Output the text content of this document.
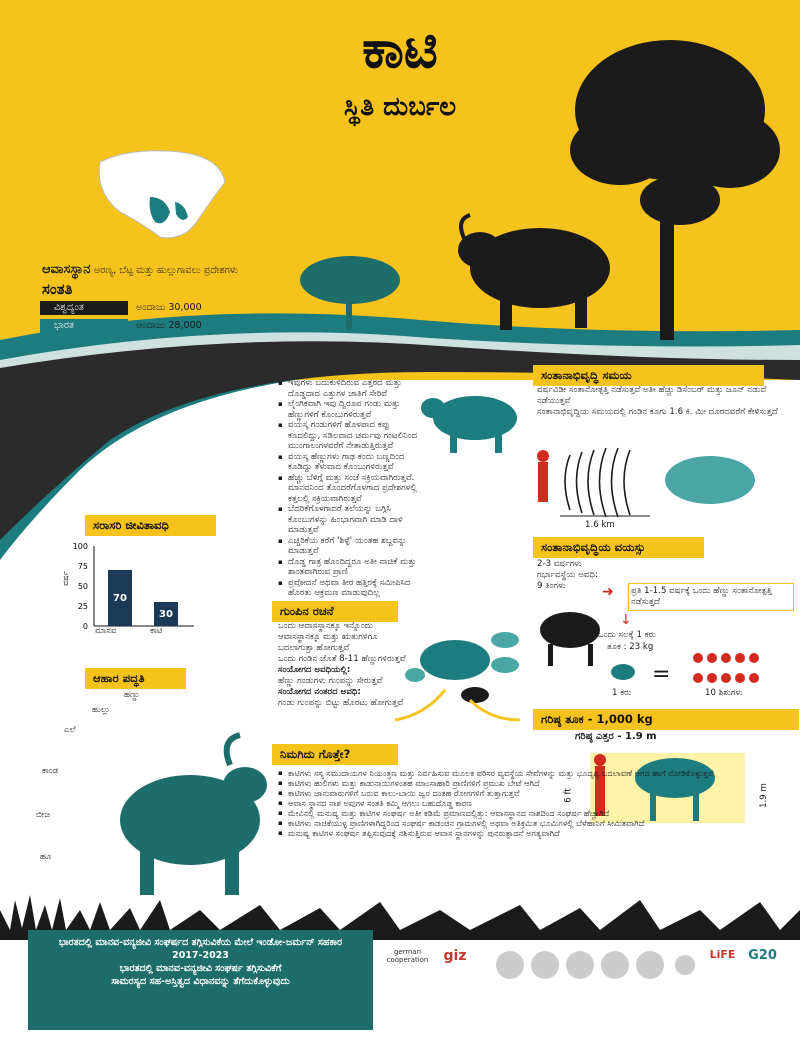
ಕಾಟಿ
ಸ್ಥಿತಿ ದುರ್ಬಲ
ಆವಾಸಸ್ಥಾನ ಅರಣ್ಯ, ಬೆಟ್ಟ ಮತ್ತು ಹುಲ್ಲುಗಾವಲು ಪ್ರದೇಶಗಳು
ಸಂತತಿ
ವಿಶ್ವದ್ಯಂತ	ಅಂದಾಜು 30,000
ಭಾರತ	ಅಂದಾಜು 28,000
▪ ಇವುಗಳು ಬದುಕುಳಿದಿರುವ ಎತ್ತರದ ಮತ್ತು ದೊಡ್ಡದಾದ ಎತ್ತುಗಳ ಜಾತಿಗೆ ಸೇರಿವೆ
▪ ಲೈಂಗಿಕವಾಗಿ ಇವು ದ್ವಿರೂಪ ಗಂಡು ಮತ್ತು ಹೆಣ್ಣುಗಳಿಗೆ ಕೊಂಬುಗಳಿರುತ್ತವೆ
▪ ವಯಸ್ಕ ಗಂಡುಗಳಿಗೆ ಹೊಳಪಾದ ಕಪ್ಪು ಕೂದಲಿದ್ದು, ಸಡಿಲವಾದ ಚರ್ಮವು ಗಂಟಲಿನಿಂದ ಮುಂಗಾಲುಗಳವರೆಗೆ ನೇತಾಡುತ್ತಿರುತ್ತವೆ
▪ ವಯಸ್ಕ ಹೆಣ್ಣುಗಳು ಗಾಢ ಕಂದು ಬಣ್ಣದಿಂದ ಕೂಡಿದ್ದು ತೆಳುವಾದ ಕೊಂಬುಗಳಿರುತ್ತವೆ
▪ ಹೆಚ್ಚು ಬೆಳಿಗ್ಗೆ ಮತ್ತು ಸಂಜೆ ಸಕ್ರಿಯವಾಗಿರುತ್ತವೆ. ಮಾನವನಿಂದ ತೊಂದರೆಗೊಳಗಾದ ಪ್ರದೇಶಗಳಲ್ಲಿ ಕತ್ತಲಲ್ಲಿ ಸಕ್ರಿಯವಾಗಿರುತ್ತವೆ
▪ ಬೆದರಿಕೆಗೊಳಗಾದರೆ ತಲೆಯನ್ನು ಬಗ್ಗಿಸಿ ಕೊಂಬುಗಳನ್ನು ಹಿಂಭಾಗವಾಗಿ ಮಾಡಿ ದಾಳಿ ಮಾಡುತ್ತವೆ
▪ ಎಚ್ಚರಿಕೆಯ ಕರೆಗೆ 'ಶಿಳ್ಳೆ' ಯಂತಹ ಶಬ್ದವನ್ನು ಮಾಡುತ್ತವೆ
▪ ದೊಡ್ಡ ಗಾತ್ರ ಹೊಂದಿದ್ದರೂ ಅತೀ ನಾಚಿಕೆ ಮತ್ತು ಶಾಂತವಾಗಿರುವ ಪ್ರಾಣಿ
▪ ಪ್ರವೋದನೆ ಅಥವಾ ತೀರ ಹತ್ತಿರಕ್ಕೆ ಸಮೀಪಿಸಿದ ಹೊರತು ಆಕ್ರಮಣ ಮಾಡುವುದಿಲ್ಲ
ಸಂತಾನಾಭಿವೃದ್ಧಿ ಸಮಯ
ವರ್ಷವಿಡೀ ಸಂತಾನೋತ್ಪತ್ತಿ ನಡೆಸುತ್ತವೆ ಅತೀ ಹೆಚ್ಚು ಡಿಸೆಂಬರ್ ಮತ್ತು ಜೂನ್ ನಡುವೆ ನಡೆಯುತ್ತವೆ
ಸಂತಾನಾಭಿವೃದ್ಧಿಯ ಸಮಯದಲ್ಲಿ ಗಂಡಿನ ಕೂಗು 1.6 ಕಿ. ಮೀ ದೂರದವರೆಗೆ ಕೇಳಿಸುತ್ತದೆ
1.6 km
ಸಂತಾನಾಭಿವೃದ್ಧಿಯ ವಯಸ್ಸು
2-3 ವರ್ಷಗಳು
ಗರ್ಭಾವಸ್ಥೆಯ ಅವಧಿ:
9 ತಿಂಗಳು	ಪ್ರತಿ 1-1.5 ವರ್ಷಕ್ಕೆ ಒಂದು ಹೆಣ್ಣು ಸಂತಾನೋತ್ಪತ್ತಿ ನಡೆಸುತ್ತದೆ
ಒಂದು ಸಲಕ್ಕೆ 1 ಕರು
ತೂಕ : 23 kg
↓
➜
=
1 ಕರು	10 ಶಿಶುಗಳು
ಗುಂಪಿನ ರಚನೆ
ಒಂದು ಆವಾಸಸ್ಥಾನಕ್ಕೂ ಇನ್ನೊಂದು ಆವಾಸಸ್ಥಾನಕ್ಕೂ ಮತ್ತು ಋತುಗಳಿಗೂ ಬದಲಾಗುತ್ತಾ ಹೋಗುತ್ತವೆ
ಒಂದು ಗಂಡಿನ ಜೊತೆ 8-11 ಹೆಣ್ಣುಗಳಿರುತ್ತವೆ
ಸಂಯೋಗದ ಅವಧಿಯಲ್ಲಿ:
ಹೆಣ್ಣು ಗಂಡುಗಳು ಗುಂಪನ್ನು ಸೇರುತ್ತವೆ
ಸಂಯೋಗದ ನಂತರದ ಅವಧಿ:
ಗಂಡು ಗುಂಪನ್ನು ಬಿಟ್ಟು ಹೊರಟು ಹೋಗುತ್ತವೆ
ಗರಿಷ್ಠ ತೂಕ - 1,000 kg
ಗರಿಷ್ಠ ಎತ್ತರ - 1.9 m
6 ft	1.9 m
ಸರಾಸರಿ ಜೀವಿತಾವಧಿ
100
75
50
25
0
ವರ್ಷ
70
30
ಮಾನವ	ಕಾಟಿ
ಆಹಾರ ಪದ್ಧತಿ
ಹಣ್ಣು
ಹುಲ್ಲು
ಎಲೆ
ಕಾಂಡ
ಬೀಜ
ಹೂ
ನಿಮಗಿದು ಗೊತ್ತೇ?
▪ ಕಾಟಿಗಳು ಸಸ್ಯ ಸಮುದಾಯಗಳ ನಿಯಂತ್ರಣ ಮತ್ತು ನಿರ್ವಹಿಸುವ ಮೂಲಕ ಪರಿಸರ ವ್ಯವಸ್ಥೆಯ ಸೇವೆಗಳನ್ನು ಮತ್ತು ಭೂದೃಶ್ಯ ಬದಲಾವಣೆ ಆಗದ ಹಾಗೆ ನೋಡಿಕೊಳ್ಳುತ್ತವೆ
▪ ಕಾಟಿಗಳು ಹುಲಿಗಳು ಮತ್ತು ಕಾಡುನಾಯಿಗಳಂತಹ ಮಾಂಸಾಹಾರಿ ಪ್ರಾಣಿಗಳಿಗೆ ಪ್ರಮುಖ ಬೇಟೆ ಆಗಿದೆ
▪ ಕಾಟಿಗಳು ಜಾನುವಾರುಗಳಿಗೆ ಬರುವ ಕಾಲು-ಬಾಯಿ ಜ್ವರ ದಂತಹ ರೋಗಗಳಿಗೆ ತುತ್ತಾಗುತ್ತವೆ
▪ ಆವಾಸ ಸ್ಥಾನದ ನಾಶ ಅವುಗಳ ಸಂತತಿ ಕಮ್ಮಿ ಆಗಲು ಬಹುದೊಡ್ಡ ಕಾರಣ
▪ ಮೇವಿನಲ್ಲಿ ಮನುಷ್ಯ ಮತ್ತು ಕಾಟಿಗಳ ಸಂಘರ್ಷ ಅತೀ ಕಡಿಮೆ ಪ್ರಮಾಣದಲ್ಲಿತ್ತು: ಆವಾಸಸ್ಥಾನದ ನಾಶದಿಂದ ಸಂಘರ್ಷ ಹೆಚ್ಚಾಗಿದೆ
▪ ಕಾಟಿಗಳು ನಾಚಿಕೆಯುಳ್ಳ ಪ್ರಾಣಿಗಳಾಗಿದ್ದರಿಂದ ಸಂಘರ್ಷ ಕಾಡಂಚಿನ ಗ್ರಾಮಗಳಲ್ಲಿ ಅಥವಾ ಅತಿಕ್ರಮಿತ ಭೂಮಿಗಳಲ್ಲಿ ಬೆಳೆಹಾನಿಗೆ ಸೀಮಿತವಾಗಿದೆ
▪ ಮನುಷ್ಯ ಕಾಟಿಗಳ ಸಂಘರ್ಷ ತಪ್ಪಿಸುವುದಕ್ಕೆ ನಶಿಸುತ್ತಿರುವ ಆವಾಸ ಸ್ಥಾನಗಳನ್ನು ಪುನರುತ್ಪಾದನೆ ಅಗತ್ಯವಾಗಿದೆ
ಭಾರತದಲ್ಲಿ ಮಾನವ-ವನ್ಯಜೀವಿ ಸಂಘರ್ಷದ ತಗ್ಗಿಸುವಿಕೆಯ ಮೇಲೆ ಇಂಡೋ-ಜರ್ಮನ್ ಸಹಕಾರ
2017-2023
ಭಾರತದಲ್ಲಿ ಮಾನವ-ವನ್ಯಜೀವಿ ಸಂಘರ್ಷ ತಗ್ಗಿಸುವಿಕೆಗೆ
ಸಾಮರಸ್ಯದ ಸಹ-ಅಸ್ತಿತ್ವದ ವಿಧಾನವನ್ನು ತೆಗೆದುಕೊಳ್ಳುವುದು
german cooperation	giz	LiFE G20
